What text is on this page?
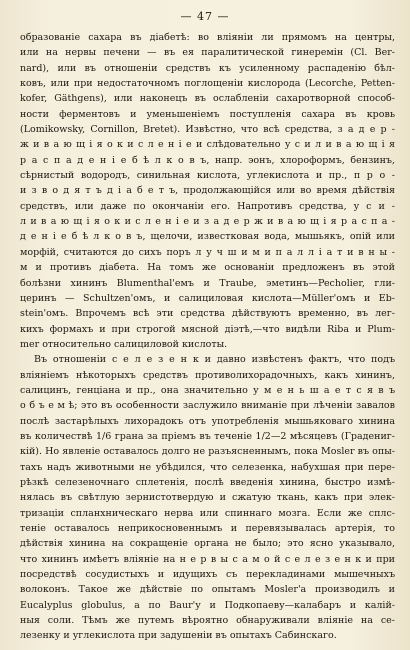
— 47 —
образованіе сахара въ діабетѣ: во вліяніи ли прямомъ на центры,
или на нервы печени — въ ея паралитической гинеремін (Cl. Ber-
nard), или въ отношеніи средствъ къ усиленному распаденію бѣл-
ковъ, или при недостаточномъ поглощеніи кислорода (Lecorche, Petten-
kofer, Gäthgens), или наконецъ въ ослабленіи сахаротворной способ-
ности ферментовъ и уменьшеніемъ поступленія сахара въ кровь
(Lomikowsky, Cornillon, Bretet). Извѣстно, что всѣ средства, з а д е р -
ж и в а ю щ і я о к и с л е н і е и слѣдовательно у с и л и в а ю щ і я
р а с п а д е н і е б ѣ л к о в ъ, напр. эонъ, хлороформъ, бензинъ,
сѣрнистый водородъ, синильная кислота, углекислота и пр., п р о -
и з в о д я т ъ д і а б е т ъ, продолжающійся или во время дѣйствія
средствъ, или даже по окончаніи его. Напротивъ средства, у с и -
л и в а ю щ і я о к и с л е н і е и з а д е р ж и в а ю щ і я р а с п а -
д е н і е б ѣ л к о в ъ, щелочи, известковая вода, мышьякъ, опій или
морфій, считаются до сихъ поръ л у ч ш и м и п а л л і а т и в н ы -
м и противъ діабета. На томъ же основаніи предложенъ въ этой
болѣзни хининъ Blumenthal'емъ и Traube, эметинъ—Pecholier, гли-
церинъ — Schultzen'омъ, и салициловая кислота—Müller'омъ и Eb-
stein'омъ. Впрочемъ всѣ эти средства дѣйствуютъ временно, въ лег-
кихъ формахъ и при строгой мясной діэтѣ,—что видѣли Riba и Plum-
mer относительно салициловой кислоты.
Въ отношеніи с е л е з е н к и давно извѣстенъ фактъ, что подъ
вліяніемъ нѣкоторыхъ средствъ противолихорадочныхъ, какъ хининъ,
салицинъ, генціана и пр., она значительно у м е н ь ш а е т с я в ъ
о б ъ е м ѣ; это въ особенности заслужило вниманіе при лѣченіи завалов
послѣ застарѣлыхъ лихорадокъ отъ употребленія мышьяковаго хинина
въ количествѣ 1/6 грана за пріемъ въ теченіе 1/2—2 мѣсяцевъ (Градениг-
кій). Но явленіе оставалось долго не разъясненнымъ, пока Mosler въ опы-
тахъ надъ животными не убѣдился, что селезенка, набухшая при пере-
рѣзкѣ селезеночнаго сплетенія, послѣ введенія хинина, быстро измѣ-
нялась въ свѣтлую зернистотвердую и сжатую ткань, какъ при элек-
тризаціи спланхническаго нерва или спиннаго мозга. Если же сплс-
теніе оставалось неприкосновеннымъ и перевязывалась артерія, то
дѣйствія хинина на сокращеніе органа не было; это ясно указывало,
что хининъ имѣетъ вліяніе на н е р в ы с а м о й с е л е з е н к и при
посредствѣ сосудистыхъ и идущихъ съ перекладинами мышечныхъ
волоконъ. Такое же дѣйствіе по опытамъ Mosler'а производилъ и
Eucalyplus globulus, а по Baur'у и Подкопаеву—калабаръ и калій-
ныя соли. Тѣмъ же путемъ вѣроятно обнаруживали вліяніе на се-
лезенку и углекислота при задушеніи въ опытахъ Сабинскаго.
